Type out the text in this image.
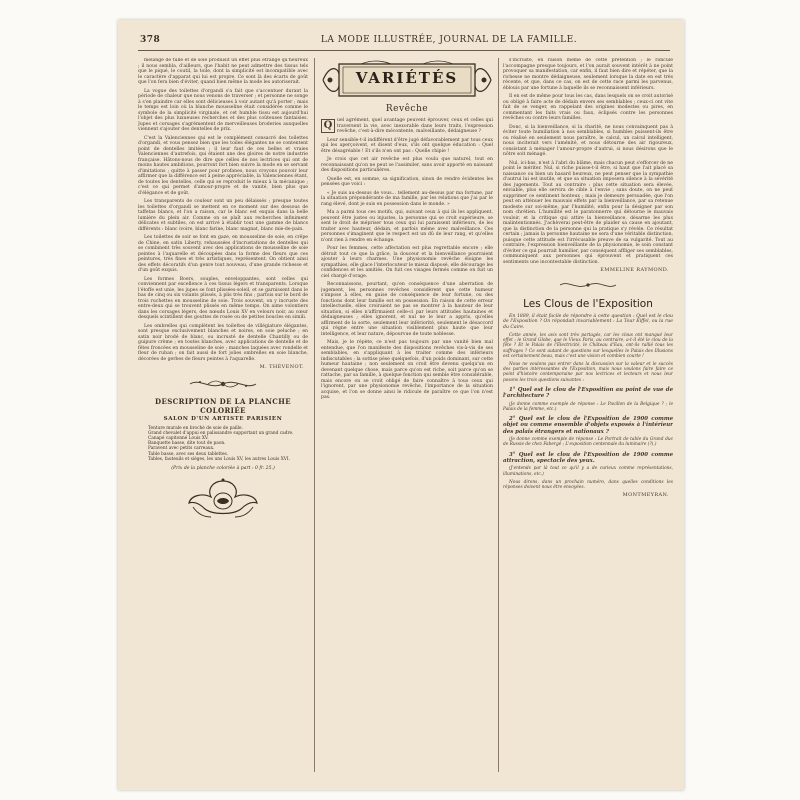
378	LA MODE ILLUSTRÉE, JOURNAL DE LA FAMILLE.

mélange de tulle et de soie produisit un effet plus étrange qu'heureux ; il nous sembla, d'ailleurs, que l'habit ne peut admettre des tissus tels que le piqué, le coutil, la toile, dont la simplicité est incompatible avec le caractère d'apparat qui lui est propre. Ce sont là des écarts de goût que l'on fera bien d'éviter, quand bien même la mode les autoriserait.

La vogue des toilettes d'organdi s'a fait que s'accentuer durant la période de chaleur que nous venons de traverser ; et personne ne songe à s'en plaindre car elles sont délicieuses à voir autant qu'à porter ; mais le temps est loin où la blanche mousseline était considérée comme le symbole de la simplicité virginale, et cet humble tissu est aujourd'hui l'objet des plus luxueuses recherches et des plus coûteuses fantaisies. Jupes et corsages s'agrémentent de merveilleuses broderies auxquelles viennent s'ajouter des dentelles de prix.

C'est la Valenciennes qui est le complément consacré des toilettes d'organdi, et vous pensez bien que les toiles élégantes ne se contentent point de dentelles imitées ; il leur faut de ces belles et vraies Valenciennes d'autrefois, qui étaient une des gloires de notre industrie française. Hâtons-nous de dire que celles de nos lectrices qui ont de moins hautes ambitions, pourront fort bien suivre la mode en se servant d'imitations ; quitte à passer pour profanes, nous croyons pouvoir leur affirmer que la différence est à peine appréciable, la Valenciennes étant, de toutes les dentelles, celle qui se reproduit le mieux à la mécanique ; c'est ce qui permet d'amour-propre et de vanité, bien plus que d'élégance et de goût.

Les transparents de couleur sont un peu délaissés ; presque toutes les toilettes d'organdi se mettent en ce moment sur des dessous de taffetas blancs, et l'on a raison, car le blanc est exquis dans la belle lumière du plein air. Comme on se plaît aux recherches infiniment délicates et subtiles, on est arrivé à établir tout une gamme de blancs différents : blanc ivoire, blanc farine, blanc magnat, blanc mie-de-pain.

Les toilettes de soir se font en gaze, en mousseline de soie, en crêpe de Chine, en satin Liberty, rehaussées d'incrustations de dentelles qui se combinent très souvent avec des applications de mousseline de soie peintes à l'aquarelle et découpées dans la forme des fleurs que ces peintures, très fines et très artistiques, représentent. On obtient ainsi des effets décoratifs d'un genre tout nouveau, d'une grande richesse et d'un goût exquis.

Les formes Boers, souples, enveloppantes, sont celles qui conviennent par excellence à ces tissus légers et transparents. Lorsque l'étoffe est unie, les jupes se font plissées-soleil, et se garnissent dans le bas de cinq ou six volants plissés, à plis très fins ; parfois sur le bord de trois ruchettes en mousseline de soie. Trois souvent, on y incruste des entre-deux qui se trouvent plissés en même temps. On aime volontiers dans les corsages légers, des nœuds Louis XV en velours noir, au cœur desquels scintillent des gouttes de rosée ou de petites boucles en simili.

Les ombrelles qui complètent les toilettes de villégiature élégantes, sont presque exclusivement blanches et noires, en soie peluche ; en satin noir brodé de blanc, ou incrusté de dentelle Chantilly ou de guipure crème ; en toutes blanches, avec applications de dentelle et de fêtes froncées en mousseline de soie ; manches laquées avec rondelle et fleur de ruban ; on fait aussi de fort jolies ombrelles en soie blanche, décorées de gerbes de fleurs peintes à l'aquarelle.

M. THÉVENOT.

DESCRIPTION DE LA PLANCHE COLORIÉE
SALON D'UN ARTISTE PARISIEN
Tenture murale en broché de soie de paille.
Grand chevalet d'appui en palissandre supportant un grand cadre.
Canapé capitonné Louis XV.
Banquette basse, dite tout de paon.
Paravent avec petits carreaux.
Table basse, avec ses deux tablettes.
Tables, fauteuils et sièges, les uns Louis XV, les autres Louis XVI.
(Prix de la planche coloriée à part : 0 fr. 25.)
VARIÉTÉS
Revêche

Q	uel agrément, quel avantage peuvent éprouver, ceux et celles qui traversent la vie, avec inexorable dans leurs traits, l'expression revêche, c'est-à-dire mécontente, malveillante, dédaigneuse ?

Leur sensible-t-il indifférent d'être jugé défavorablement par tous ceux qui les aperçoivent, et disent d'eux, s'ils ont quelque éducation : Quel être désagréable ! Et s'ils n'en ont pas : Quelle chipie !

Je crois que cet air revêche est plus voulu que naturel, tout en reconnaissant qu'on ne peut se l'assimiler, sans avoir apporté en naissant des dispositions particulières.

Quelle est, en somme, sa signification, sinon de rendre évidentes les pensées que voici :

« Je suis au-dessus de vous... tellement au-dessus par ma fortune, par la situation prépondérante de ma famille, par les relations que j'ai par le rang élevé, dont je suis en possession dans le monde. »

Ma a parmi tous ces motifs, qui, suivant ceux à qui ils les appliquent, peuvent être justes ou injustes, la personne qui se croit supérieure, se sent le droit de mépriser tous ceux qui lui paraissent inférieurs, de les traiter avec hauteur, dédain, et parfois même avec malveillance. Ces personnes s'imaginent que le respect est un dû de leur rang, et qu'elles n'ont rien à rendre en échange.

Pour les femmes, cette affectation est plus regrettable encore ; elle détruit tout ce que la grâce, la douceur et la bienveillance pourraient ajouter à leurs charmes. Une physionomie revêche éloigne les sympathies, elle glace l'interlocuteur le mieux disposé, elle décourage les confidences et les amitiés. On fuit ces visages fermés comme on fuit un ciel chargé d'orage.

Reconnaissons, pourtant, qu'en conséquence d'une aberration de jugement, les personnes revêches considèrent que cette humeur s'impose à elles, en guise de conséquence de leur fortune, ou des fonctions dont leur famille est en possession. En raison de cette erreur intellectuelle, elles croiraient ne pas se montrer à la hauteur de leur situation, si elles n'affirmaient celle-ci par leurs attitudes hautaines et dédaigneuses ; elles ignorent, et nul ne le leur a appris, qu'elles affirment de la sorte, seulement leur infériorité, seulement le désaccord qui règne entre une situation visiblement plus haute que leur intelligence, et leur nature, dépourvue de toute noblesse.

Mais, je le répète, ce n'est pas toujours par une vanité bien mal entendue, que l'on manifeste des dispositions revêches vis-à-vis de ses semblables, en s'appliquant à les traiter comme des inférieurs indiscutables ; la sottise pèse quelquefois, d'un poids dominant, sur cette humeur hautaine ; non seulement on croit être devenu quelqu'un en devenant quelque chose, mais parce qu'on est riche, soit parce qu'on se rattache, par sa famille, à quelque fonction qui semble être considérable, mais encore on se croit obligé de faire connaître à tous ceux qui l'ignorent, par une physionomie revêche, l'importance de la situation acquise, et l'on se donne ainsi le ridicule de paraître ce que l'on n'est pas.

s'incruste, en raison même de cette prétention ; le ridicule l'accompagne presque toujours, et l'on aurait souvent intérêt à ne point provoquer sa manifestation, car enfin, il faut bien dire et répéter, que la richesse ne montre dédaigneuse, seulement lorsque la date en est très récente, et que, dans ce cas, on est de cette race parmi les parvenus, éblouis par une fortune à laquelle ils se reconnaissent inférieurs.

Il en est de même pour tous les cas, dans lesquels on se croit autorisé ou obligé à faire acte de dédain envers ses semblables ; ceux-ci ont vite fait de se venger, en rappelant des origines modestes ou pires, en commentant les faits vrais ou faux, éclipsés contre les personnes revêches ou contre leurs familles.

Donc, si la bienveillance, si la charité, ne nous convainquent pas à éviter toute humiliation à nos semblables, si humbles puissent-ils être ou réalisé en seulement nous paraître, le calcul, un calcul intelligent, nous inciterait vers l'aménité, et nous détourne des air rigoureux, consistant à ménager l'amour-propre d'autrui, si nous désirons que le nôtre soit ménagé.

Nul, ici-bas, n'est à l'abri du blâme, mais chacun peut s'efforcer de ne point le mériter. Nul, si riche puisse-t-il être, si haut que l'ait placé sa naissance ou bien un hasard heureux, ne peut penser que la sympathie d'autrui lui est inutile, et que sa situation imposera silence à la sévérité des jugements. Tout au contraire : plus cette situation sera élevée, enviable, plus elle servira de cible à l'envie ; sans doute, on ne peut supprimer ce sentiment honteux ; mais je demeure persuadée, que l'on peut en atténuer les mauvais effets par la bienveillance, par sa retenue modeste sur soi-même, par l'humilité, enfin pour la désigner par son nom chrétien. L'humilité est le paratonnerre qui détourne le mauvais vouloir, et la critique qui attire la bienveillance, désarme les plus malintentionnés. J'achèverai peut-être de plaider sa cause en ajoutant, que la distinction de la personne qui la pratique s'y révèle. Ce résultat certain ; jamais la personne hautaine ne sera d'une véritable distinction, puisque cette attitude est l'irrécusable preuve de sa vulgarité. Tout au contraire, l'expression bienveillante de la physionomie, le soin constant d'éviter ce qui pourrait humilier, par conséquent affliger ses semblables, communiquent aux personnes qui éprouvent et pratiquent ces sentiments une incontestable distinction.

EMMELINE RAYMOND.

Les Clous de l'Exposition

En 1889, il était facile de répondre à cette question : Quel est le clou de l'Exposition ? On répondait invariablement : La Tour Eiffel, ou la rue du Caire.

Cette année, les avis sont très partagés, car les clous ont manqué leur effet : le Grand Globe, que le Vieux Paris, au contraire, a-t-il été le clou de la fête ? Et le Palais de l'Électricité, le Château d'Eau, ont-ils rallié tous les suffrages ? Ce sont autant de questions sur lesquelles le Palais des Illusions est certainement beau, mais c'est une vision et combien courte !

Nous ne voulons pas entrer dans la discussion sur la valeur et le succès des parties intéressantes de l'Exposition, mais nous voulons faire faire ce point d'histoire contemporaine par nos lectrices et lecteurs et nous leur posons les trois questions suivantes :

1° Quel est le clou de l'Exposition au point de vue de l'architecture ?

(Je donne comme exemple de réponse : Le Pavillon de la Belgique ? ; le Palais de la femme, etc.)

2° Quel est le clou de l'Exposition de 1900 comme objet ou comme ensemble d'objets exposés à l'intérieur des palais étrangers et nationaux ?

(Je donne comme exemple de réponse : Le Portrait de table du Grand duc de Russie de chez Fabergé ; L'exposition centennale du luminaire (?).)

3° Quel est le clou de l'Exposition de 1900 comme attraction, spectacle des yeux.

(J'entends par là tout ce qu'il y a de curieux comme représentations, illuminations, etc.)

Nous dirons, dans un prochain numéro, dans quelles conditions les réponses doivent nous être envoyées.

MONTMEYRAN.
